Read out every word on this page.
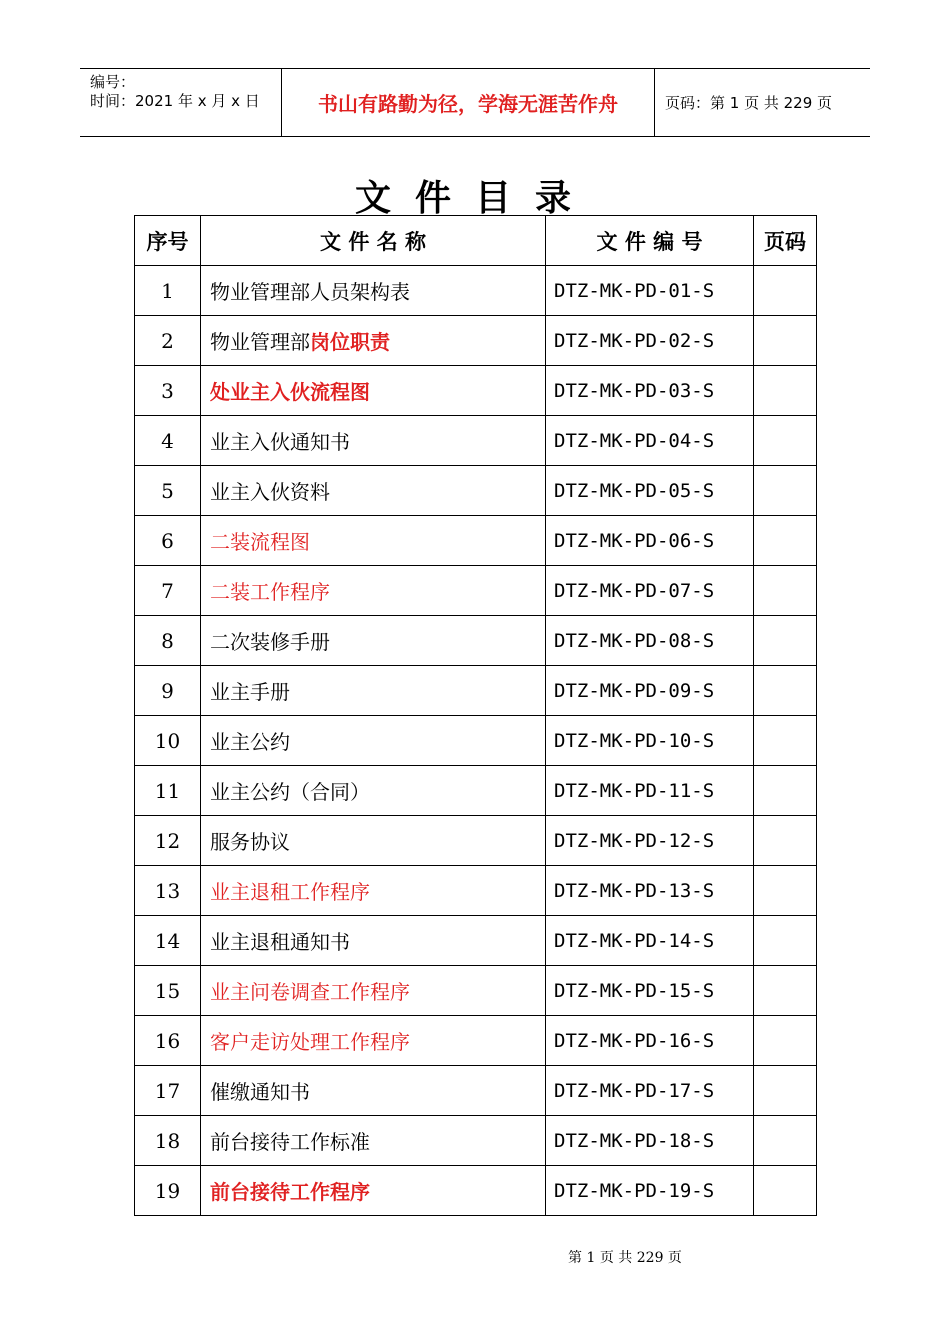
编号：
时间：2021 年 x 月 x 日	书山有路勤为径，学海无涯苦作舟	页码：第 1 页 共 229 页
文件目录
序号	文 件 名 称	文 件 编 号	页码
1	物业管理部人员架构表	DTZ-MK-PD-01-S	
2	物业管理部岗位职责	DTZ-MK-PD-02-S	
3	处业主入伙流程图	DTZ-MK-PD-03-S	
4	业主入伙通知书	DTZ-MK-PD-04-S	
5	业主入伙资料	DTZ-MK-PD-05-S	
6	二装流程图	DTZ-MK-PD-06-S	
7	二装工作程序	DTZ-MK-PD-07-S	
8	二次装修手册	DTZ-MK-PD-08-S	
9	业主手册	DTZ-MK-PD-09-S	
10	业主公约	DTZ-MK-PD-10-S	
11	业主公约（合同）	DTZ-MK-PD-11-S	
12	服务协议	DTZ-MK-PD-12-S	
13	业主退租工作程序	DTZ-MK-PD-13-S	
14	业主退租通知书	DTZ-MK-PD-14-S	
15	业主问卷调查工作程序	DTZ-MK-PD-15-S	
16	客户走访处理工作程序	DTZ-MK-PD-16-S	
17	催缴通知书	DTZ-MK-PD-17-S	
18	前台接待工作标准	DTZ-MK-PD-18-S	
19	前台接待工作程序	DTZ-MK-PD-19-S	
第 1 页 共 229 页
